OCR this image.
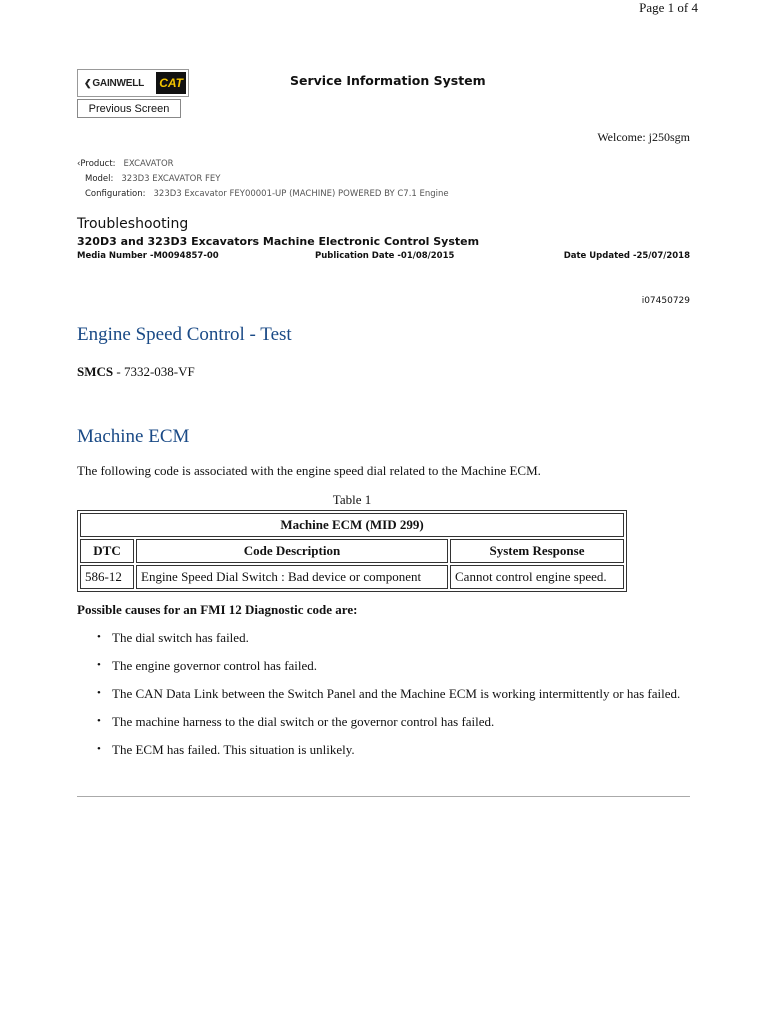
Page 1 of 4
❮ GAINWELL	CAT	Service Information System
Previous Screen
Welcome: j250sgm
‹Product: EXCAVATOR
Model: 323D3 EXCAVATOR FEY
Configuration: 323D3 Excavator FEY00001-UP (MACHINE) POWERED BY C7.1 Engine
Troubleshooting
320D3 and 323D3 Excavators Machine Electronic Control System
Media Number -M0094857-00	Publication Date -01/08/2015	Date Updated -25/07/2018
i07450729
Engine Speed Control - Test
SMCS - 7332-038-VF
Machine ECM
The following code is associated with the engine speed dial related to the Machine ECM.
Table 1
Machine ECM (MID 299)		
DTC	Code Description	System Response
586-12	Engine Speed Dial Switch : Bad device or component	Cannot control engine speed.
Possible causes for an FMI 12 Diagnostic code are:
• The dial switch has failed.
• The engine governor control has failed.
• The CAN Data Link between the Switch Panel and the Machine ECM is working intermittently or has failed.
• The machine harness to the dial switch or the governor control has failed.
• The ECM has failed. This situation is unlikely.
